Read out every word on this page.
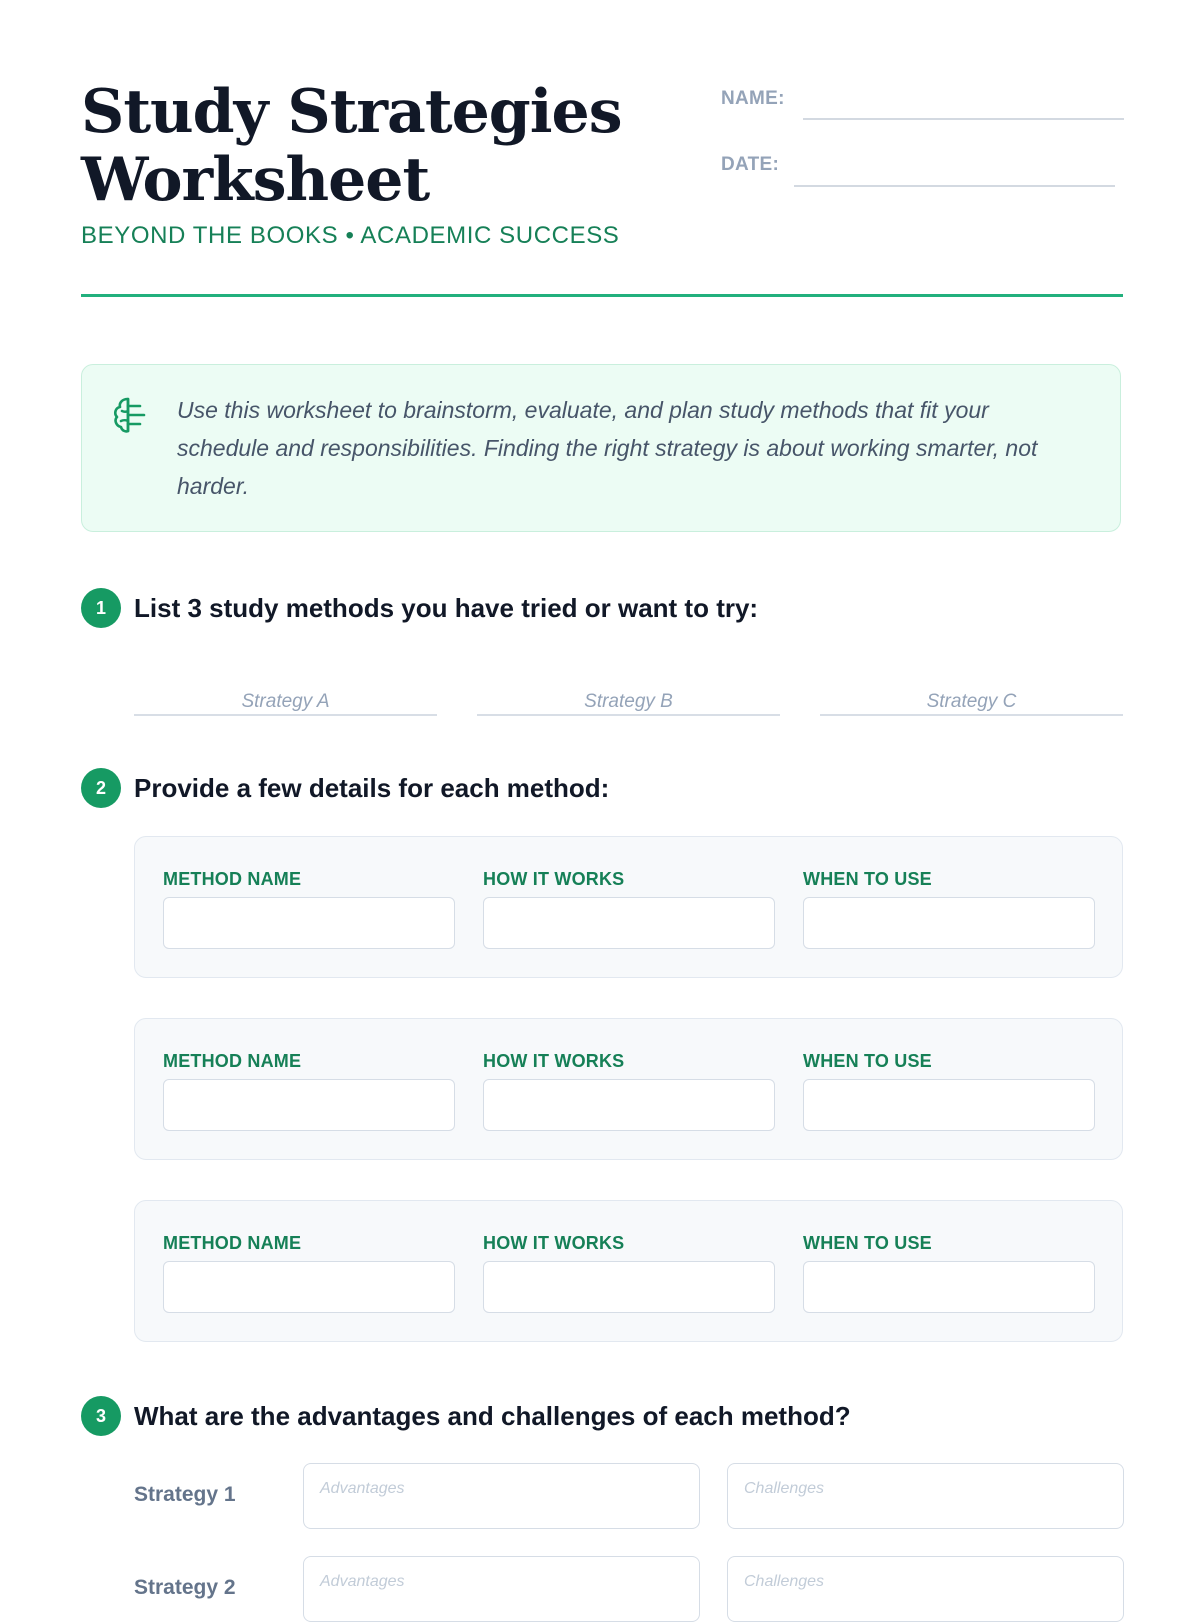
Study Strategies
Worksheet
BEYOND THE BOOKS • ACADEMIC SUCCESS
NAME:
DATE:
Use this worksheet to brainstorm, evaluate, and plan study methods that fit your schedule and responsibilities. Finding the right strategy is about working smarter, not harder.
1	List 3 study methods you have tried or want to try:
Strategy A	Strategy B	Strategy C
2	Provide a few details for each method:
METHOD NAME	HOW IT WORKS	WHEN TO USE
METHOD NAME	HOW IT WORKS	WHEN TO USE
METHOD NAME	HOW IT WORKS	WHEN TO USE
3	What are the advantages and challenges of each method?
Strategy 1	Advantages	Challenges
Strategy 2	Advantages	Challenges
